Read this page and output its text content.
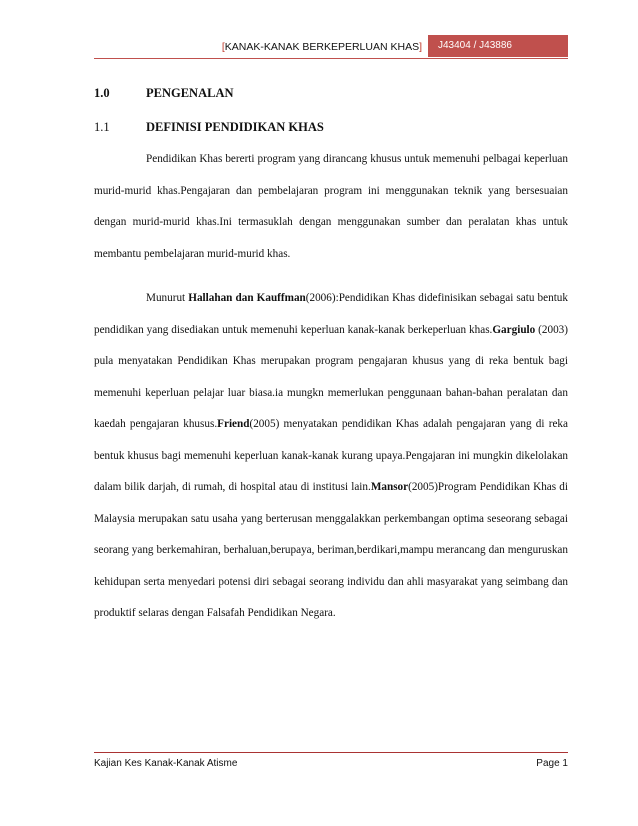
[KANAK-KANAK BERKEPERLUAN KHAS]	J43404 / J43886
1.0	PENGENALAN
1.1	DEFINISI PENDIDIKAN KHAS

Pendidikan Khas bererti program yang dirancang khusus untuk memenuhi pelbagai keperluan murid-murid khas.Pengajaran dan pembelajaran program ini menggunakan teknik yang bersesuaian dengan murid-murid khas.Ini termasuklah dengan menggunakan sumber dan peralatan khas untuk membantu pembelajaran murid-murid khas.

Munurut Hallahan dan Kauffman(2006):Pendidikan Khas didefinisikan sebagai satu bentuk pendidikan yang disediakan untuk memenuhi keperluan kanak-kanak berkeperluan khas.Gargiulo (2003) pula menyatakan Pendidikan Khas merupakan program pengajaran khusus yang di reka bentuk bagi memenuhi keperluan pelajar luar biasa.ia mungkn memerlukan penggunaan bahan-bahan peralatan dan kaedah pengajaran khusus.Friend(2005) menyatakan pendidikan Khas adalah pengajaran yang di reka bentuk khusus bagi memenuhi keperluan kanak-kanak kurang upaya.Pengajaran ini mungkin dikelolakan dalam bilik darjah, di rumah, di hospital atau di institusi lain.Mansor(2005)Program Pendidikan Khas di Malaysia merupakan satu usaha yang berterusan menggalakkan perkembangan optima seseorang sebagai seorang yang berkemahiran, berhaluan,berupaya, beriman,berdikari,mampu merancang dan menguruskan kehidupan serta menyedari potensi diri sebagai seorang individu dan ahli masyarakat yang seimbang dan produktif selaras dengan Falsafah Pendidikan Negara.

Kajian Kes Kanak-Kanak Atisme	Page 1
